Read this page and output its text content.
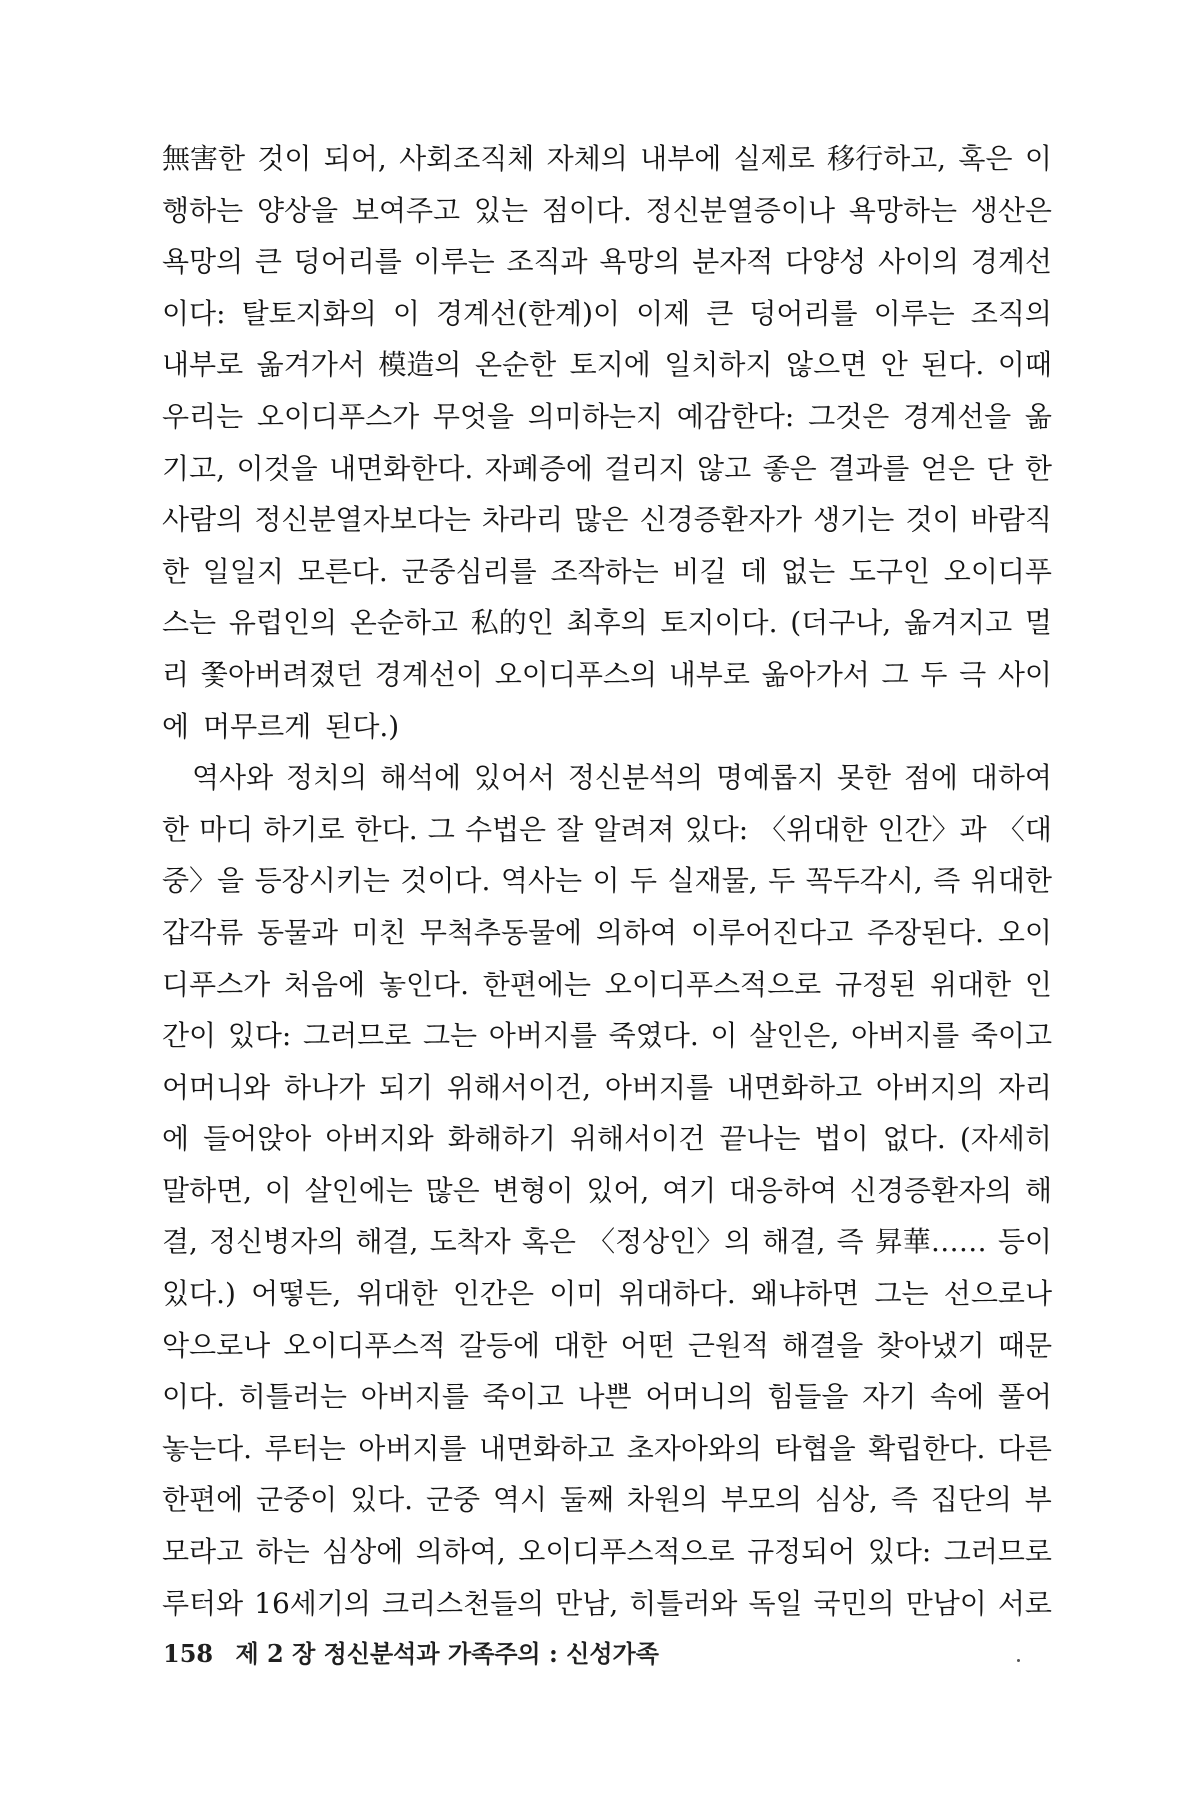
無害한 것이 되어, 사회조직체 자체의 내부에 실제로 移行하고, 혹은 이
행하는 양상을 보여주고 있는 점이다. 정신분열증이나 욕망하는 생산은
욕망의 큰 덩어리를 이루는 조직과 욕망의 분자적 다양성 사이의 경계선
이다: 탈토지화의 이 경계선(한계)이 이제 큰 덩어리를 이루는 조직의
내부로 옮겨가서 模造의 온순한 토지에 일치하지 않으면 안 된다. 이때
우리는 오이디푸스가 무엇을 의미하는지 예감한다: 그것은 경계선을 옮
기고, 이것을 내면화한다. 자폐증에 걸리지 않고 좋은 결과를 얻은 단 한
사람의 정신분열자보다는 차라리 많은 신경증환자가 생기는 것이 바람직
한 일일지 모른다. 군중심리를 조작하는 비길 데 없는 도구인 오이디푸
스는 유럽인의 온순하고 私的인 최후의 토지이다. (더구나, 옮겨지고 멀
리 쫓아버려졌던 경계선이 오이디푸스의 내부로 옮아가서 그 두 극 사이
에 머무르게 된다.)
역사와 정치의 해석에 있어서 정신분석의 명예롭지 못한 점에 대하여
한 마디 하기로 한다. 그 수법은 잘 알려져 있다: 〈위대한 인간〉과 〈대
중〉을 등장시키는 것이다. 역사는 이 두 실재물, 두 꼭두각시, 즉 위대한
갑각류 동물과 미친 무척추동물에 의하여 이루어진다고 주장된다. 오이
디푸스가 처음에 놓인다. 한편에는 오이디푸스적으로 규정된 위대한 인
간이 있다: 그러므로 그는 아버지를 죽였다. 이 살인은, 아버지를 죽이고
어머니와 하나가 되기 위해서이건, 아버지를 내면화하고 아버지의 자리
에 들어앉아 아버지와 화해하기 위해서이건 끝나는 법이 없다. (자세히
말하면, 이 살인에는 많은 변형이 있어, 여기 대응하여 신경증환자의 해
결, 정신병자의 해결, 도착자 혹은 〈정상인〉의 해결, 즉 昇華…… 등이
있다.) 어떻든, 위대한 인간은 이미 위대하다. 왜냐하면 그는 선으로나
악으로나 오이디푸스적 갈등에 대한 어떤 근원적 해결을 찾아냈기 때문
이다. 히틀러는 아버지를 죽이고 나쁜 어머니의 힘들을 자기 속에 풀어
놓는다. 루터는 아버지를 내면화하고 초자아와의 타협을 확립한다. 다른
한편에 군중이 있다. 군중 역시 둘째 차원의 부모의 심상, 즉 집단의 부
모라고 하는 심상에 의하여, 오이디푸스적으로 규정되어 있다: 그러므로
루터와 16세기의 크리스천들의 만남, 히틀러와 독일 국민의 만남이 서로
158 제 2 장 정신분석과 가족주의 : 신성가족
